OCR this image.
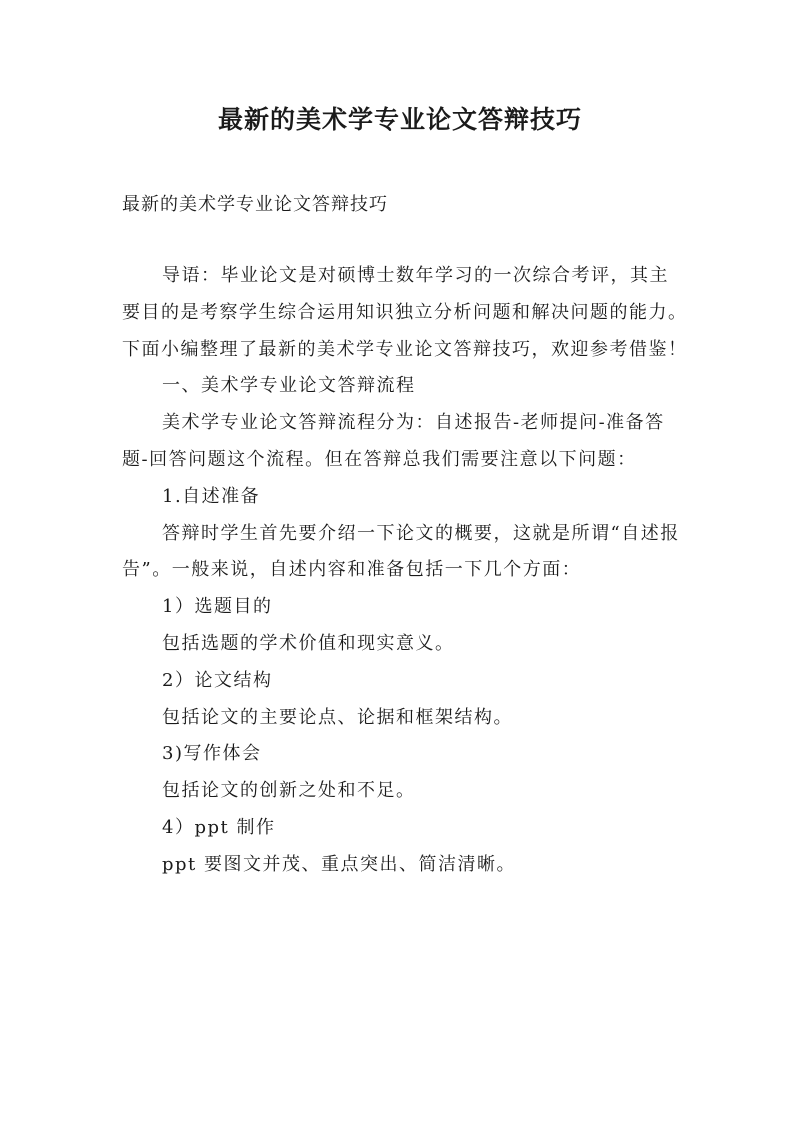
最新的美术学专业论文答辩技巧

最新的美术学专业论文答辩技巧

导语：毕业论文是对硕博士数年学习的一次综合考评，其主要目的是考察学生综合运用知识独立分析问题和解决问题的能力。下面小编整理了最新的美术学专业论文答辩技巧，欢迎参考借鉴！

一、美术学专业论文答辩流程

美术学专业论文答辩流程分为：自述报告-老师提问-准备答题-回答问题这个流程。但在答辩总我们需要注意以下问题：

1.自述准备

答辩时学生首先要介绍一下论文的概要，这就是所谓“自述报告”。一般来说，自述内容和准备包括一下几个方面：

1）选题目的

包括选题的学术价值和现实意义。

2）论文结构

包括论文的主要论点、论据和框架结构。

3)写作体会

包括论文的创新之处和不足。

4）ppt 制作

ppt 要图文并茂、重点突出、简洁清晰。
